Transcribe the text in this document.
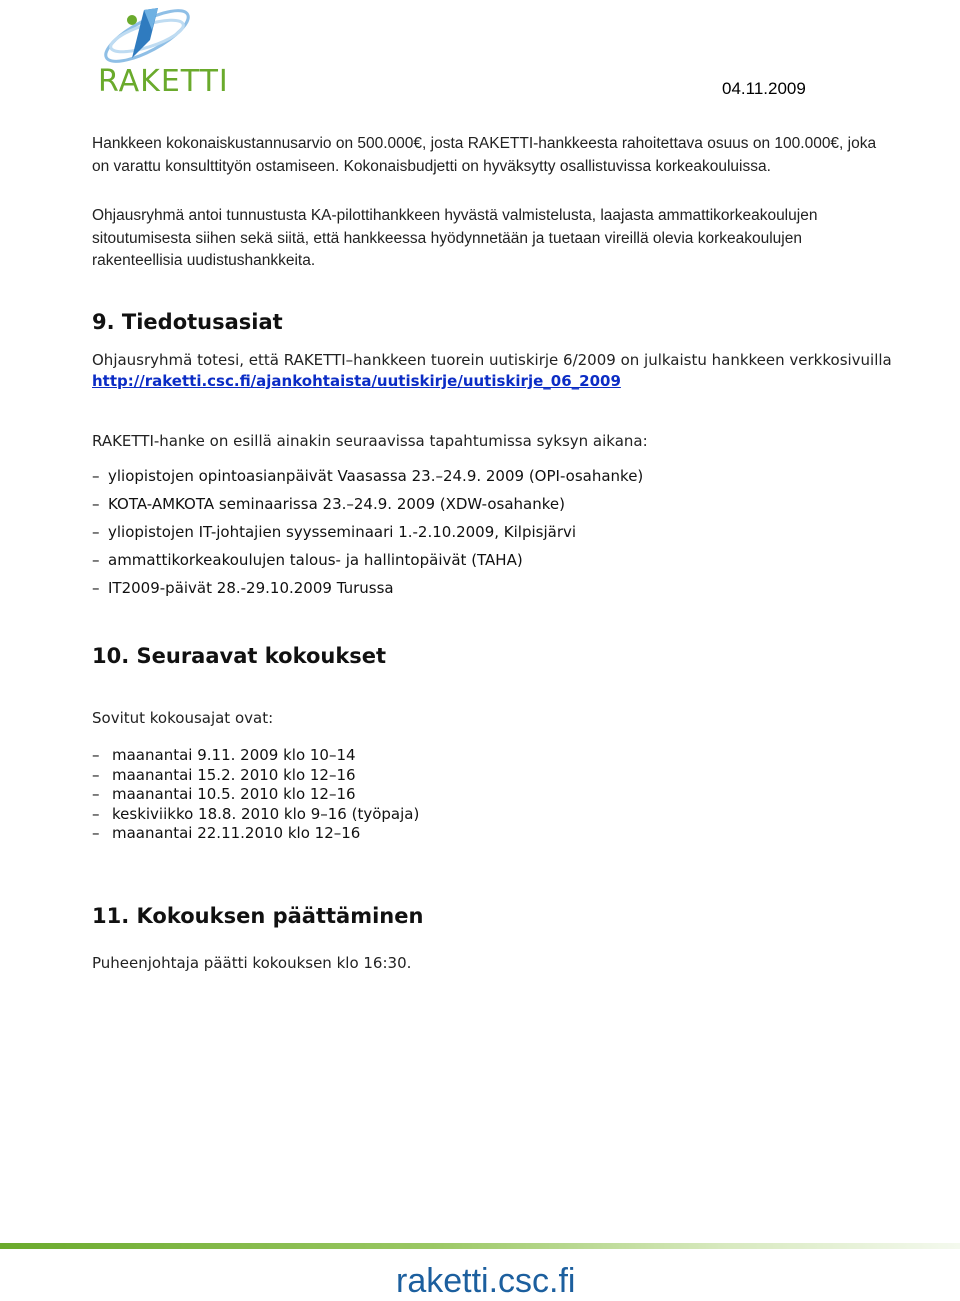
RAKETTI	04.11.2009
Hankkeen kokonaiskustannusarvio on 500.000€, josta RAKETTI-hankkeesta rahoitettava osuus on 100.000€, joka on varattu konsulttityön ostamiseen. Kokonaisbudjetti on hyväksytty osallistuvissa korkeakouluissa.
Ohjausryhmä antoi tunnustusta KA-pilottihankkeen hyvästä valmistelusta, laajasta ammattikorkeakoulujen sitoutumisesta siihen sekä siitä, että hankkeessa hyödynnetään ja tuetaan vireillä olevia korkeakoulujen rakenteellisia uudistushankkeita.
9. Tiedotusasiat
Ohjausryhmä totesi, että RAKETTI–hankkeen tuorein uutiskirje 6/2009 on julkaistu hankkeen verkkosivuilla
http://raketti.csc.fi/ajankohtaista/uutiskirje/uutiskirje_06_2009
RAKETTI-hanke on esillä ainakin seuraavissa tapahtumissa syksyn aikana:
– yliopistojen opintoasianpäivät Vaasassa 23.–24.9. 2009 (OPI-osahanke)
– KOTA-AMKOTA seminaarissa 23.–24.9. 2009 (XDW-osahanke)
– yliopistojen IT-johtajien syysseminaari 1.-2.10.2009, Kilpisjärvi
– ammattikorkeakoulujen talous- ja hallintopäivät (TAHA)
– IT2009-päivät 28.-29.10.2009 Turussa
10. Seuraavat kokoukset
Sovitut kokousajat ovat:
– maanantai 9.11. 2009 klo 10–14
– maanantai 15.2. 2010 klo 12–16
– maanantai 10.5. 2010 klo 12–16
– keskiviikko 18.8. 2010 klo 9–16 (työpaja)
– maanantai 22.11.2010 klo 12–16
11. Kokouksen päättäminen
Puheenjohtaja päätti kokouksen klo 16:30.
raketti.csc.fi
